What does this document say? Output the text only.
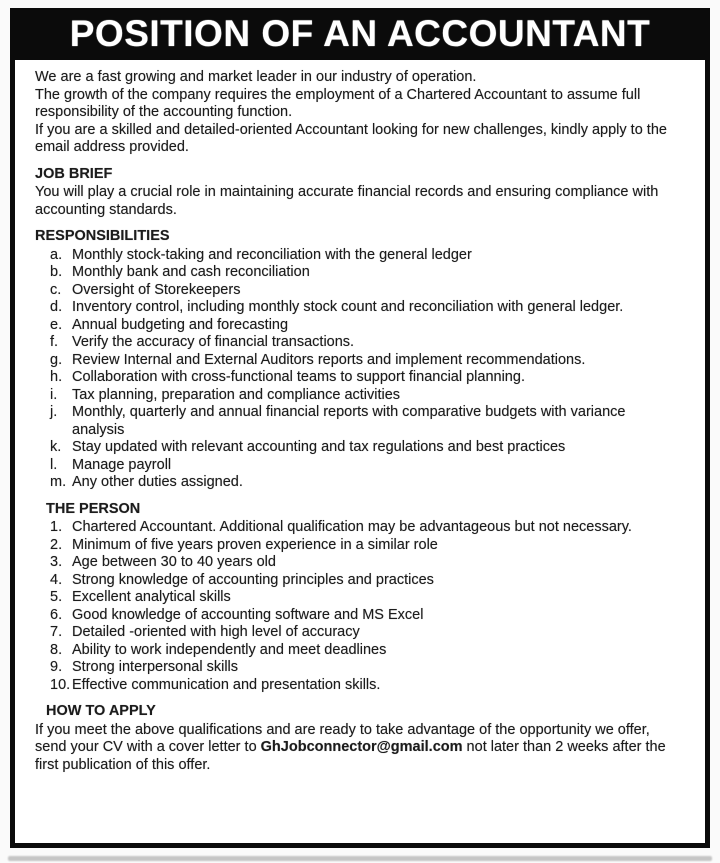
POSITION OF AN ACCOUNTANT

We are a fast growing and market leader in our industry of operation.

The growth of the company requires the employment of a Chartered Accountant to assume full responsibility of the accounting function.

If you are a skilled and detailed-oriented Accountant looking for new challenges, kindly apply to the email address provided.

JOB BRIEF

You will play a crucial role in maintaining accurate financial records and ensuring compliance with accounting standards.

RESPONSIBILITIES
a. Monthly stock-taking and reconciliation with the general ledger
b. Monthly bank and cash reconciliation
c. Oversight of Storekeepers
d. Inventory control, including monthly stock count and reconciliation with general ledger.
e. Annual budgeting and forecasting
f. Verify the accuracy of financial transactions.
g. Review Internal and External Auditors reports and implement recommendations.
h. Collaboration with cross-functional teams to support financial planning.
i.	Tax planning, preparation and compliance activities
j.	Monthly, quarterly and annual financial reports with comparative budgets with variance analysis
k. Stay updated with relevant accounting and tax regulations and best practices
l.	Manage payroll
m. Any other duties assigned.
THE PERSON
1. Chartered Accountant. Additional qualification may be advantageous but not necessary.
2. Minimum of five years proven experience in a similar role
3. Age between 30 to 40 years old
4. Strong knowledge of accounting principles and practices
5. Excellent analytical skills
6. Good knowledge of accounting software and MS Excel
7. Detailed -oriented with high level of accuracy
8. Ability to work independently and meet deadlines
9. Strong interpersonal skills
10. Effective communication and presentation skills.
HOW TO APPLY

If you meet the above qualifications and are ready to take advantage of the opportunity we offer, send your CV with a cover letter to GhJobconnector@gmail.com not later than 2 weeks after the first publication of this offer.
